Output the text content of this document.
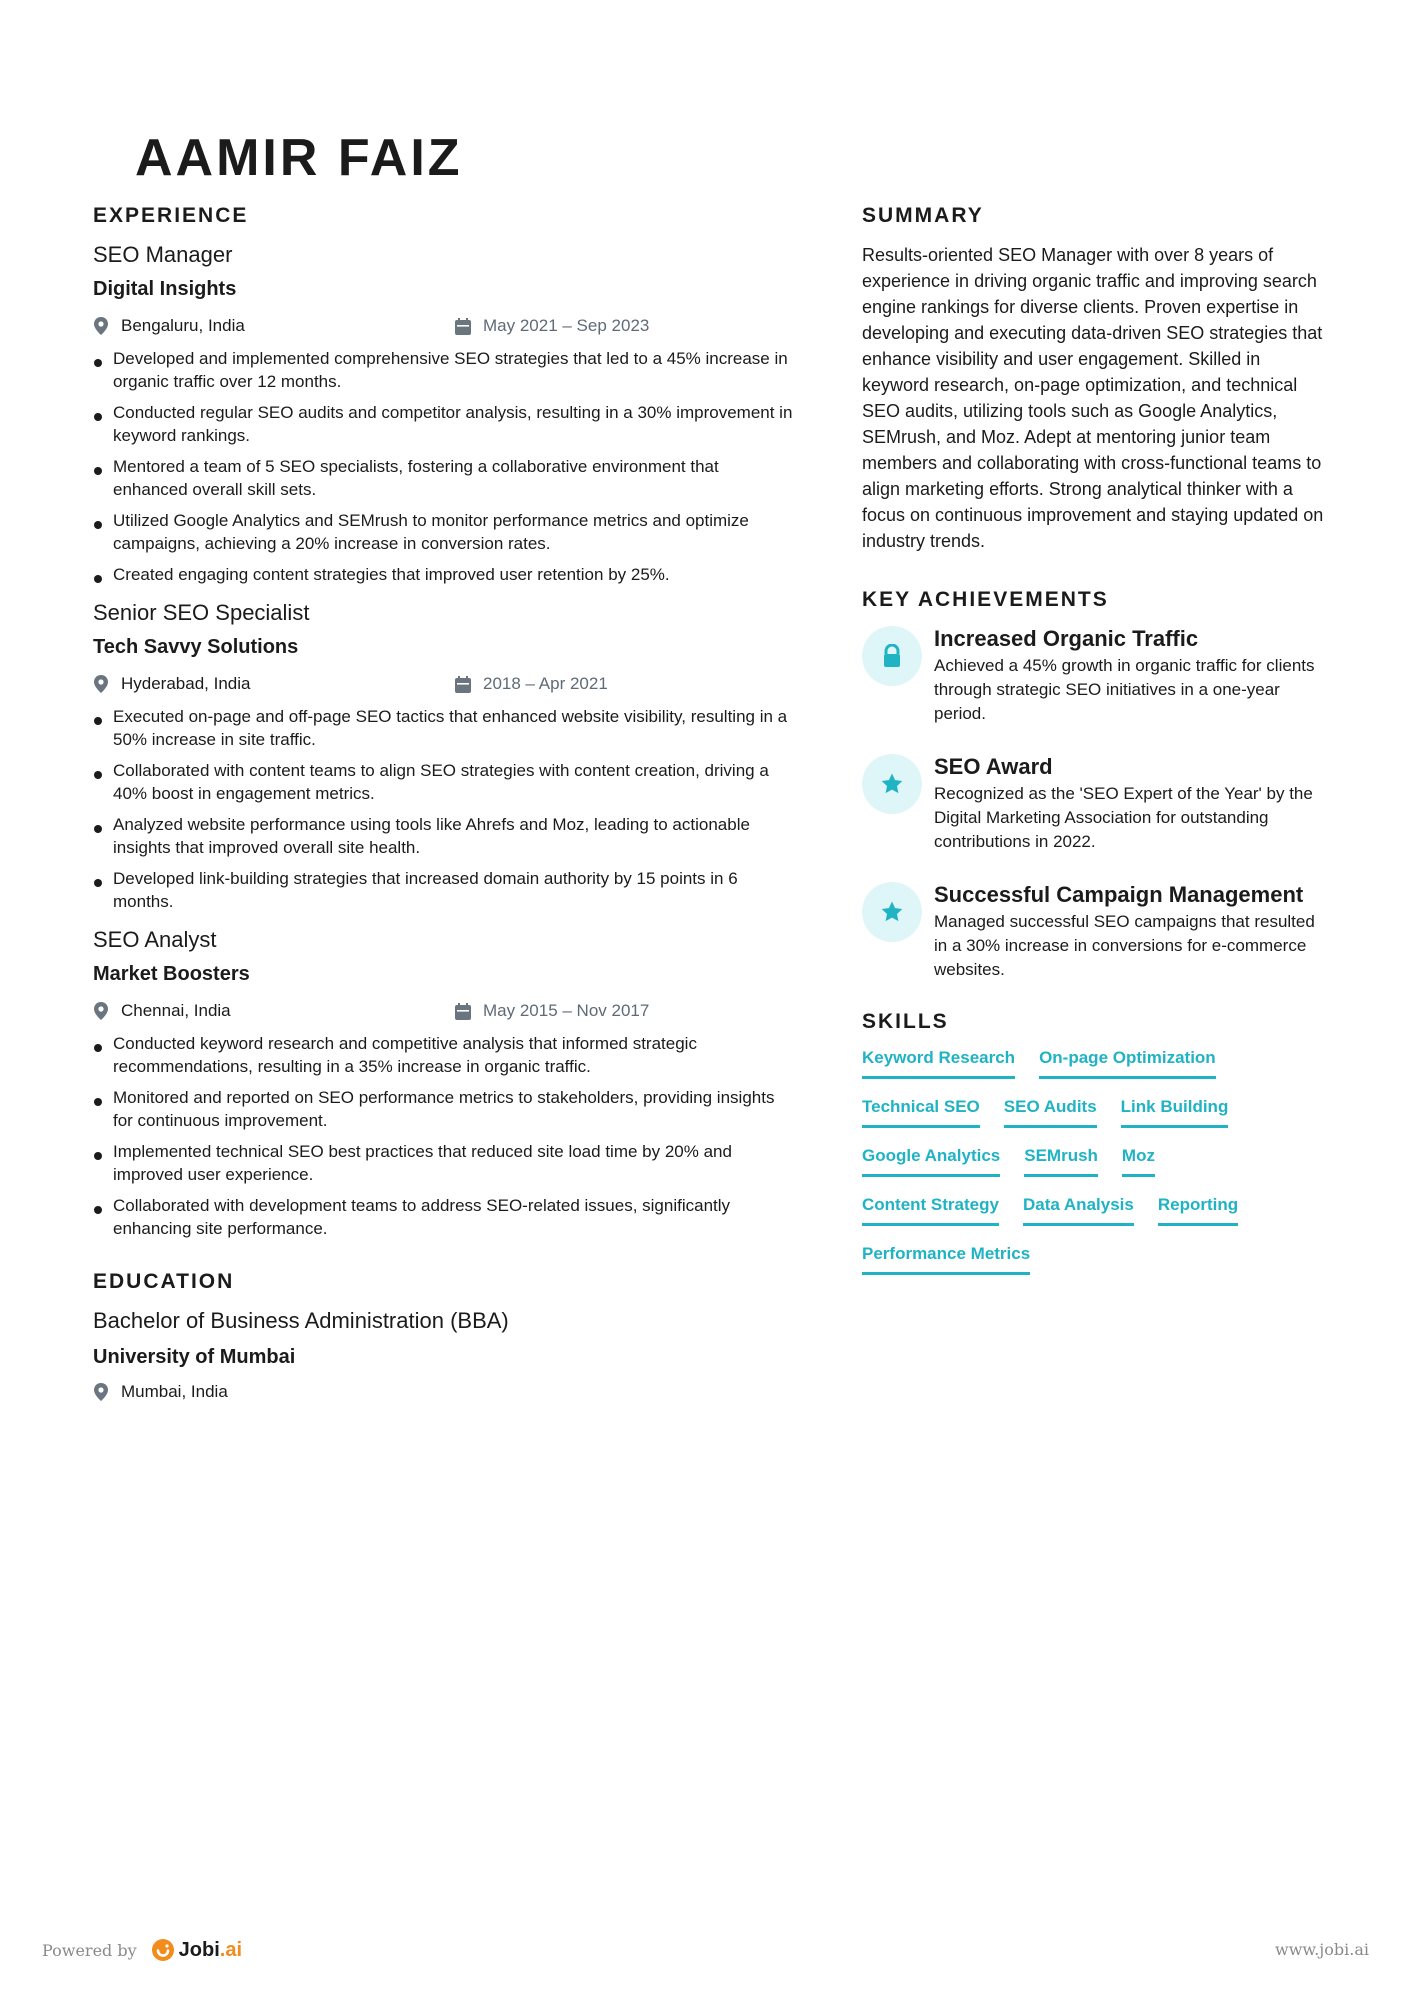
AAMIR FAIZ
EXPERIENCE
SEO Manager
Digital Insights
Bengaluru, India	May 2021 – Sep 2023
Developed and implemented comprehensive SEO strategies that led to a 45% increase in organic traffic over 12 months.
Conducted regular SEO audits and competitor analysis, resulting in a 30% improvement in keyword rankings.
Mentored a team of 5 SEO specialists, fostering a collaborative environment that enhanced overall skill sets.
Utilized Google Analytics and SEMrush to monitor performance metrics and optimize campaigns, achieving a 20% increase in conversion rates.
Created engaging content strategies that improved user retention by 25%.
Senior SEO Specialist
Tech Savvy Solutions
Hyderabad, India	2018 – Apr 2021
Executed on-page and off-page SEO tactics that enhanced website visibility, resulting in a 50% increase in site traffic.
Collaborated with content teams to align SEO strategies with content creation, driving a 40% boost in engagement metrics.
Analyzed website performance using tools like Ahrefs and Moz, leading to actionable insights that improved overall site health.
Developed link-building strategies that increased domain authority by 15 points in 6 months.
SEO Analyst
Market Boosters
Chennai, India	May 2015 – Nov 2017
Conducted keyword research and competitive analysis that informed strategic recommendations, resulting in a 35% increase in organic traffic.
Monitored and reported on SEO performance metrics to stakeholders, providing insights for continuous improvement.
Implemented technical SEO best practices that reduced site load time by 20% and improved user experience.
Collaborated with development teams to address SEO-related issues, significantly enhancing site performance.
EDUCATION
Bachelor of Business Administration (BBA)
University of Mumbai
Mumbai, India
SUMMARY
Results-oriented SEO Manager with over 8 years of experience in driving organic traffic and improving search engine rankings for diverse clients. Proven expertise in developing and executing data-driven SEO strategies that enhance visibility and user engagement. Skilled in keyword research, on-page optimization, and technical SEO audits, utilizing tools such as Google Analytics, SEMrush, and Moz. Adept at mentoring junior team members and collaborating with cross-functional teams to align marketing efforts. Strong analytical thinker with a focus on continuous improvement and staying updated on industry trends.
KEY ACHIEVEMENTS
Increased Organic Traffic
Achieved a 45% growth in organic traffic for clients through strategic SEO initiatives in a one-year period.
SEO Award
Recognized as the 'SEO Expert of the Year' by the Digital Marketing Association for outstanding contributions in 2022.
Successful Campaign Management
Managed successful SEO campaigns that resulted in a 30% increase in conversions for e-commerce websites.
SKILLS
Keyword Research On-page Optimization
Technical SEO SEO Audits Link Building
Google Analytics SEMrush Moz
Content Strategy Data Analysis Reporting
Performance Metrics
Powered by Jobi.ai	www.jobi.ai
